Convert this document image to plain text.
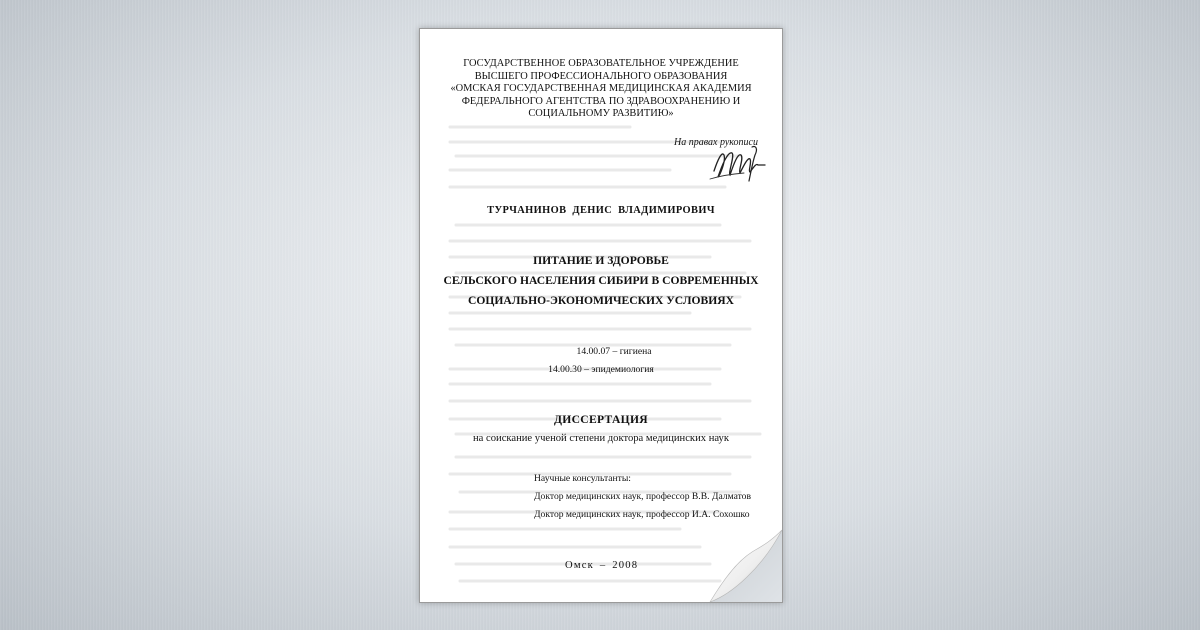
ГОСУДАРСТВЕННОЕ ОБРАЗОВАТЕЛЬНОЕ УЧРЕЖДЕНИЕ
ВЫСШЕГО ПРОФЕССИОНАЛЬНОГО ОБРАЗОВАНИЯ
«ОМСКАЯ ГОСУДАРСТВЕННАЯ МЕДИЦИНСКАЯ АКАДЕМИЯ
ФЕДЕРАЛЬНОГО АГЕНТСТВА ПО ЗДРАВООХРАНЕНИЮ И
СОЦИАЛЬНОМУ РАЗВИТИЮ»
На правах рукописи
ТУРЧАНИНОВ ДЕНИС ВЛАДИМИРОВИЧ
ПИТАНИЕ И ЗДОРОВЬЕ
СЕЛЬСКОГО НАСЕЛЕНИЯ СИБИРИ В СОВРЕМЕННЫХ
СОЦИАЛЬНО-ЭКОНОМИЧЕСКИХ УСЛОВИЯХ
14.00.07 – гигиена
14.00.30 – эпидемиология
ДИССЕРТАЦИЯ
на соискание ученой степени доктора медицинских наук
Научные консультанты:
Доктор медицинских наук, профессор В.В. Далматов
Доктор медицинских наук, профессор И.А. Сохошко
Омск – 2008
